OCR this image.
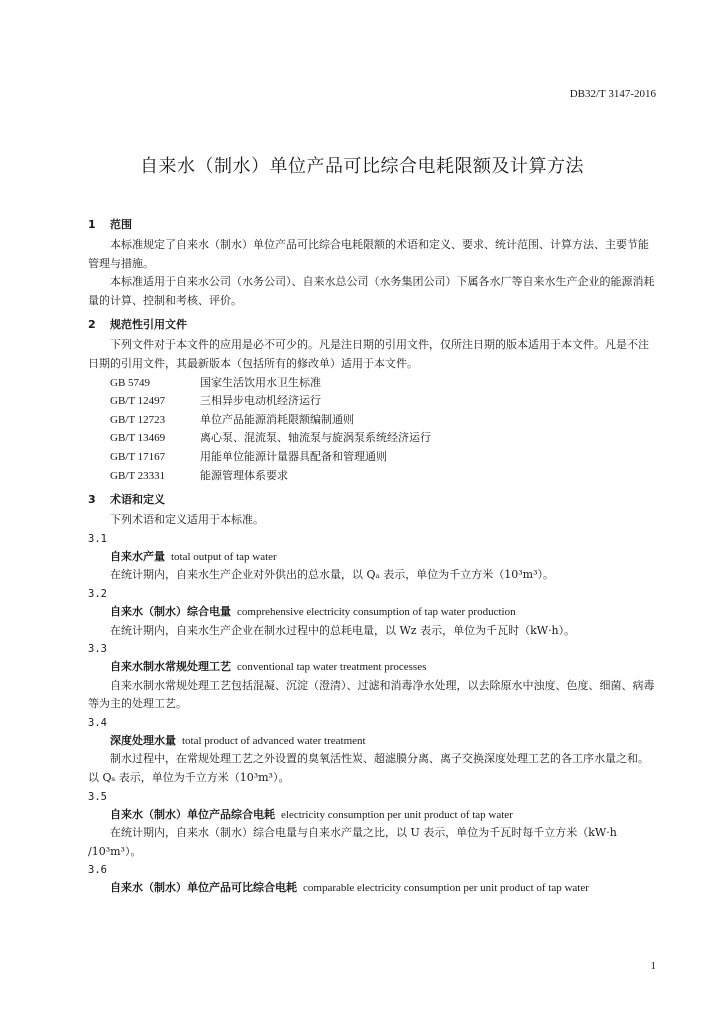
DB32/T 3147-2016
自来水（制水）单位产品可比综合电耗限额及计算方法
1 范围

本标准规定了自来水（制水）单位产品可比综合电耗限额的术语和定义、要求、统计范围、计算方法、主要节能管理与措施。

本标准适用于自来水公司（水务公司）、自来水总公司（水务集团公司）下属各水厂等自来水生产企业的能源消耗量的计算、控制和考核、评价。

2 规范性引用文件

下列文件对于本文件的应用是必不可少的。凡是注日期的引用文件，仅所注日期的版本适用于本文件。凡是不注日期的引用文件，其最新版本（包括所有的修改单）适用于本文件。

GB 5749	国家生活饮用水卫生标准
GB/T 12497	三相异步电动机经济运行
GB/T 12723	单位产品能源消耗限额编制通则
GB/T 13469	离心泵、混流泵、轴流泵与旋涡泵系统经济运行
GB/T 17167	用能单位能源计量器具配备和管理通则
GB/T 23331	能源管理体系要求
3 术语和定义

下列术语和定义适用于本标准。

3.1
自来水产量 total output of tap water

在统计期内，自来水生产企业对外供出的总水量，以 Qₐ 表示，单位为千立方米（10³m³）。

3.2
自来水（制水）综合电量 comprehensive electricity consumption of tap water production

在统计期内，自来水生产企业在制水过程中的总耗电量，以 Wz 表示，单位为千瓦时（kW·h）。

3.3
自来水制水常规处理工艺 conventional tap water treatment processes

自来水制水常规处理工艺包括混凝、沉淀（澄清）、过滤和消毒净水处理，以去除原水中浊度、色度、细菌、病毒等为主的处理工艺。

3.4
深度处理水量 total product of advanced water treatment

制水过程中，在常规处理工艺之外设置的臭氧活性炭、超滤膜分离、离子交换深度处理工艺的各工序水量之和。以 Qₛ 表示，单位为千立方米（10³m³）。

3.5
自来水（制水）单位产品综合电耗 electricity consumption per unit product of tap water

在统计期内，自来水（制水）综合电量与自来水产量之比，以 U 表示，单位为千瓦时每千立方米（kW·h /10³m³）。

3.6
自来水（制水）单位产品可比综合电耗 comparable electricity consumption per unit product of tap water
1
